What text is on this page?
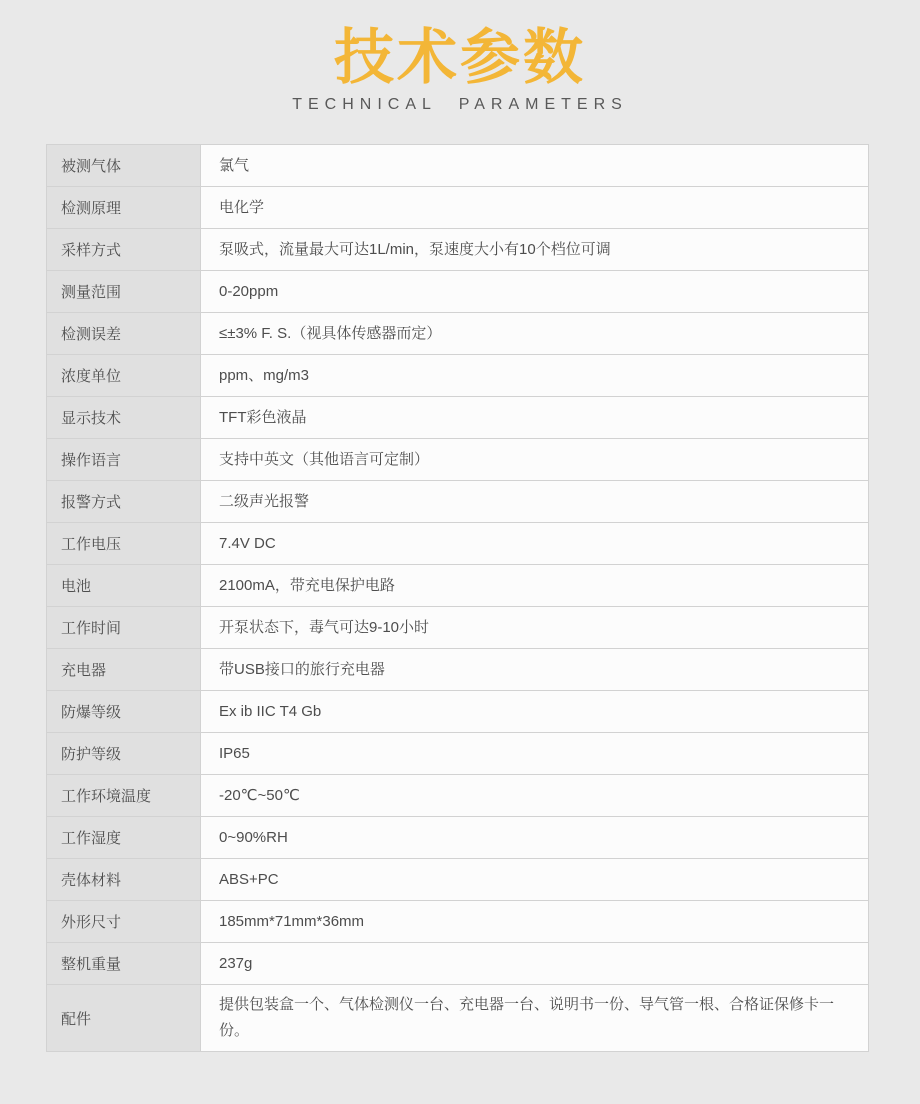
技术参数
TECHNICAL PARAMETERS
被测气体	氯气
检测原理	电化学
采样方式	泵吸式，流量最大可达1L/min，泵速度大小有10个档位可调
测量范围	0-20ppm
检测误差	≤±3% F. S.（视具体传感器而定）
浓度单位	ppm、mg/m3
显示技术	TFT彩色液晶
操作语言	支持中英文（其他语言可定制）
报警方式	二级声光报警
工作电压	7.4V DC
电池	2100mA，带充电保护电路
工作时间	开泵状态下，毒气可达9-10小时
充电器	带USB接口的旅行充电器
防爆等级	Ex ib IIC T4 Gb
防护等级	IP65
工作环境温度	-20℃~50℃
工作湿度	0~90%RH
壳体材料	ABS+PC
外形尺寸	185mm*71mm*36mm
整机重量	237g
配件	提供包装盒一个、气体检测仪一台、充电器一台、说明书一份、导气管一根、合格证保修卡一份。
